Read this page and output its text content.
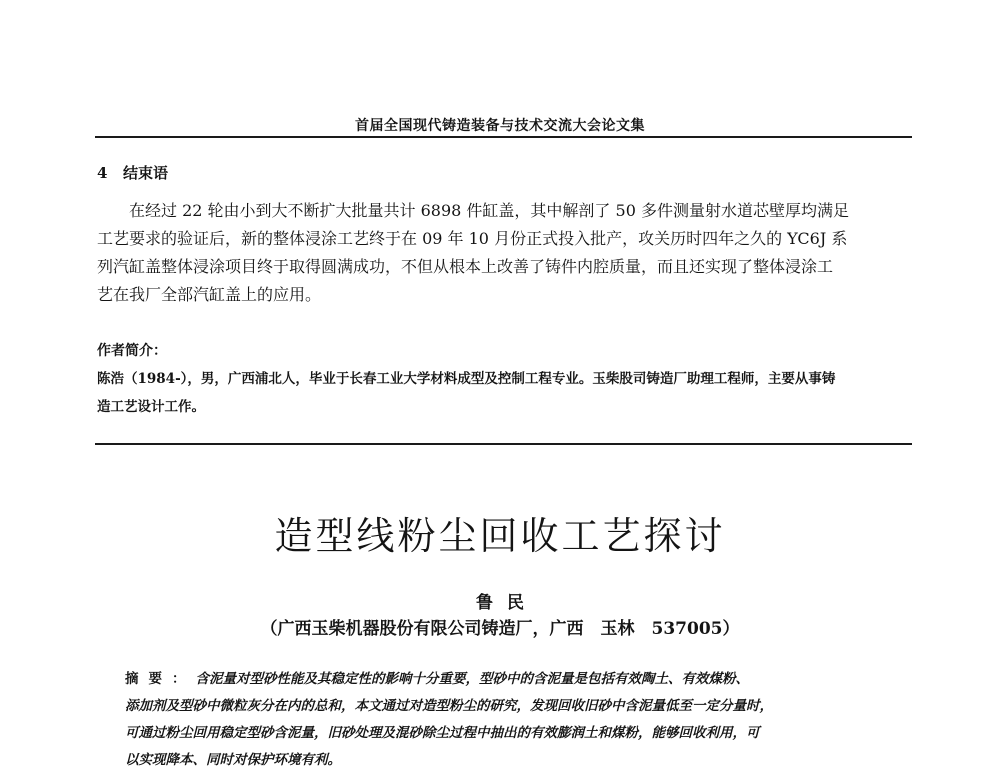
首届全国现代铸造装备与技术交流大会论文集
4 结束语
在经过 22 轮由小到大不断扩大批量共计 6898 件缸盖，其中解剖了 50 多件测量射水道芯壁厚均满足
工艺要求的验证后，新的整体浸涂工艺终于在 09 年 10 月份正式投入批产，攻关历时四年之久的 YC6J 系
列汽缸盖整体浸涂项目终于取得圆满成功，不但从根本上改善了铸件内腔质量，而且还实现了整体浸涂工
艺在我厂全部汽缸盖上的应用。
作者简介：
陈浩（1984-），男，广西浦北人，毕业于长春工业大学材料成型及控制工程专业。玉柴股司铸造厂助理工程师，主要从事铸
造工艺设计工作。
造型线粉尘回收工艺探讨
鲁民
（广西玉柴机器股份有限公司铸造厂，广西　玉林　537005）
摘要：含泥量对型砂性能及其稳定性的影响十分重要，型砂中的含泥量是包括有效陶土、有效煤粉、
添加剂及型砂中微粒灰分在内的总和，本文通过对造型粉尘的研究，发现回收旧砂中含泥量低至一定分量时，
可通过粉尘回用稳定型砂含泥量，旧砂处理及混砂除尘过程中抽出的有效膨润土和煤粉，能够回收利用，可
以实现降本、同时对保护环境有利。
